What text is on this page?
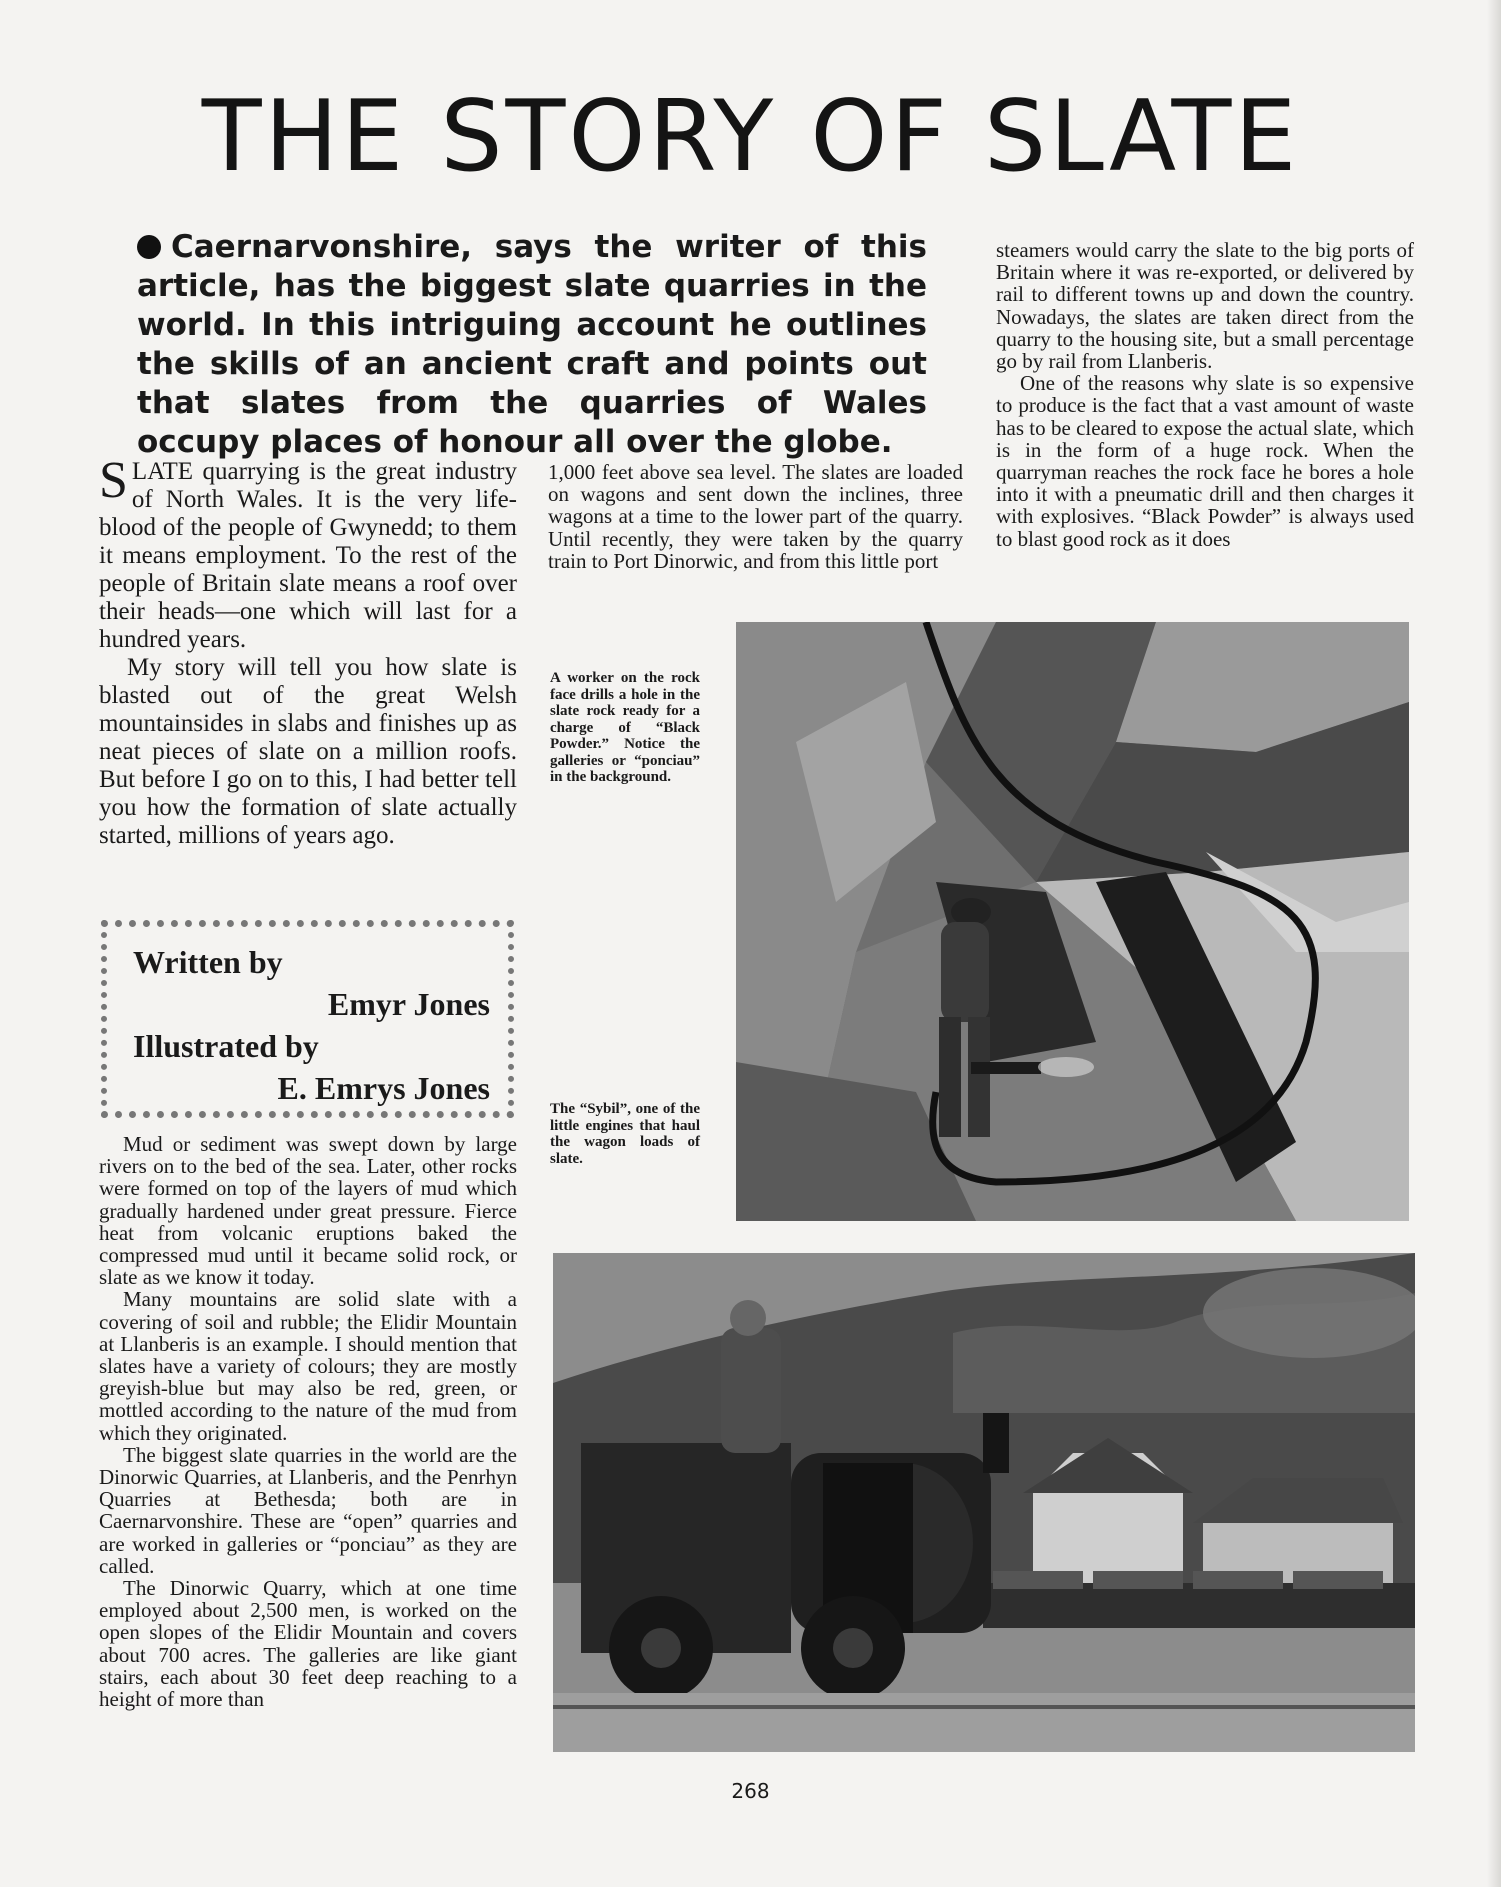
THE STORY OF SLATE

Caernarvonshire, says the writer of this article, has the biggest slate quarries in the world. In this intriguing account he outlines the skills of an ancient craft and points out that slates from the quarries of Wales occupy places of honour all over the globe.

SLATE quarrying is the great industry of North Wales. It is the very life-blood of the people of Gwynedd; to them it means employment. To the rest of the people of Britain slate means a roof over their heads—one which will last for a hundred years.

My story will tell you how slate is blasted out of the great Welsh mountainsides in slabs and finishes up as neat pieces of slate on a million roofs. But before I go on to this, I had better tell you how the formation of slate actually started, millions of years ago.

Written by
Emyr Jones
Illustrated by
E. Emrys Jones

Mud or sediment was swept down by large rivers on to the bed of the sea. Later, other rocks were formed on top of the layers of mud which gradually hardened under great pressure. Fierce heat from volcanic eruptions baked the compressed mud until it became solid rock, or slate as we know it today.

Many mountains are solid slate with a covering of soil and rubble; the Elidir Mountain at Llanberis is an example. I should mention that slates have a variety of colours; they are mostly greyish-blue but may also be red, green, or mottled according to the nature of the mud from which they originated.

The biggest slate quarries in the world are the Dinorwic Quarries, at Llanberis, and the Penrhyn Quarries at Bethesda; both are in Caernarvonshire. These are “open” quarries and are worked in galleries or “ponciau” as they are called.

The Dinorwic Quarry, which at one time employed about 2,500 men, is worked on the open slopes of the Elidir Mountain and covers about 700 acres. The galleries are like giant stairs, each about 30 feet deep reaching to a height of more than

1,000 feet above sea level. The slates are loaded on wagons and sent down the inclines, three wagons at a time to the lower part of the quarry. Until recently, they were taken by the quarry train to Port Dinorwic, and from this little port

steamers would carry the slate to the big ports of Britain where it was re-exported, or delivered by rail to different towns up and down the country. Nowadays, the slates are taken direct from the quarry to the housing site, but a small percentage go by rail from Llanberis.

One of the reasons why slate is so expensive to produce is the fact that a vast amount of waste has to be cleared to expose the actual slate, which is in the form of a huge rock. When the quarryman reaches the rock face he bores a hole into it with a pneumatic drill and then charges it with explosives. “Black Powder” is always used to blast good rock as it does

A worker on the rock face drills a hole in the slate rock ready for a charge of “Black Powder.” Notice the galleries or “ponciau” in the background.

The “Sybil”, one of the little engines that haul the wagon loads of slate.

268
